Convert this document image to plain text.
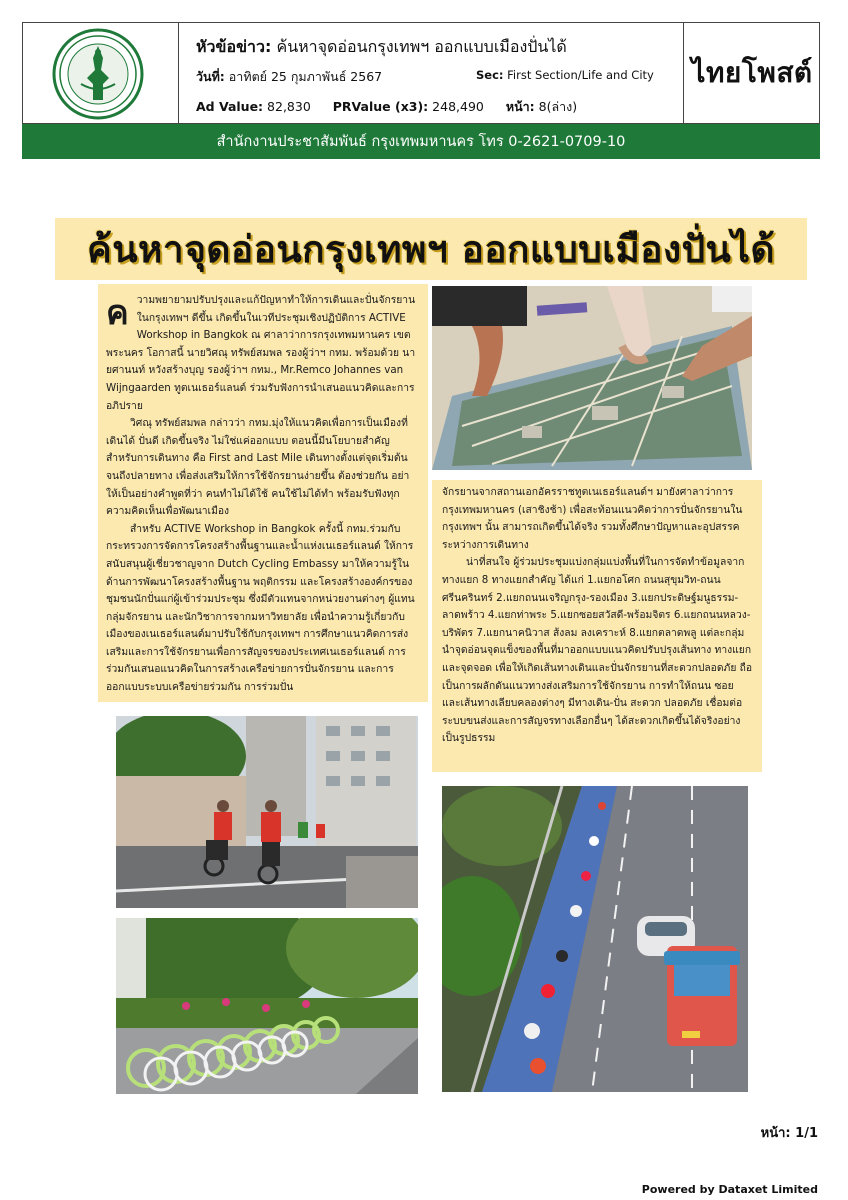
หัวข้อข่าว: ค้นหาจุดอ่อนกรุงเทพฯ ออกแบบเมืองปั่นได้
วันที่: อาทิตย์ 25 กุมภาพันธ์ 2567	Sec: First Section/Life and City
Ad Value: 82,830 PRValue (x3): 248,490 หน้า: 8(ล่าง)
ไทยโพสต์
สำนักงานประชาสัมพันธ์ กรุงเทพมหานคร โทร 0-2621-0709-10
ค้นหาจุดอ่อนกรุงเทพฯ ออกแบบเมืองปั่นได้
ค วามพยายามปรับปรุงและแก้ปัญหาทำให้การเดินและปั่นจักรยานในกรุงเทพฯ ดีขึ้น เกิดขึ้นในเวทีประชุมเชิงปฏิบัติการ ACTIVE Workshop in Bangkok ณ ศาลาว่าการกรุงเทพมหานคร เขตพระนคร โอกาสนี้ นายวิศณุ ทรัพย์สมพล รองผู้ว่าฯ กทม. พร้อมด้วย นายศานนท์ หวังสร้างบุญ รองผู้ว่าฯ กทม., Mr.Remco Johannes van Wijngaarden ทูตเนเธอร์แลนด์ ร่วมรับฟังการนำเสนอแนวคิดและการอภิปราย

วิศณุ ทรัพย์สมพล กล่าวว่า กทม.มุ่งให้แนวคิดเพื่อการเป็นเมืองที่เดินได้ ปั่นดี เกิดขึ้นจริง ไม่ใช่แค่ออกแบบ ตอนนี้มีนโยบายสำคัญสำหรับการเดินทาง คือ First and Last Mile เดินทางตั้งแต่จุดเริ่มต้นจนถึงปลายทาง เพื่อส่งเสริมให้การใช้จักรยานง่ายขึ้น ต้องช่วยกัน อย่าให้เป็นอย่างคำพูดที่ว่า คนทำไม่ได้ใช้ คนใช้ไม่ได้ทำ พร้อมรับฟังทุกความคิดเห็นเพื่อพัฒนาเมือง

สำหรับ ACTIVE Workshop in Bangkok ครั้งนี้ กทม.ร่วมกับกระทรวงการจัดการโครงสร้างพื้นฐานและน้ำแห่งเนเธอร์แลนด์ ให้การสนับสนุนผู้เชี่ยวชาญจาก Dutch Cycling Embassy มาให้ความรู้ในด้านการพัฒนาโครงสร้างพื้นฐาน พฤติกรรม และโครงสร้างองค์กรของชุมชนนักปั่นแก่ผู้เข้าร่วมประชุม ซึ่งมีตัวแทนจากหน่วยงานต่างๆ ผู้แทนกลุ่มจักรยาน และนักวิชาการจากมหาวิทยาลัย เพื่อนำความรู้เกี่ยวกับเมืองของเนเธอร์แลนด์มาปรับใช้กับกรุงเทพฯ การศึกษาแนวคิดการส่งเสริมและการใช้จักรยานเพื่อการสัญจรของประเทศเนเธอร์แลนด์ การร่วมกันเสนอแนวคิดในการสร้างเครือข่ายการปั่นจักรยาน และการออกแบบระบบเครือข่ายร่วมกัน การร่วมปั่น

จักรยานจากสถานเอกอัครราชทูตเนเธอร์แลนด์ฯ มายังศาลาว่าการกรุงเทพมหานคร (เสาชิงช้า) เพื่อสะท้อนแนวคิดว่าการปั่นจักรยานในกรุงเทพฯ นั้น สามารถเกิดขึ้นได้จริง รวมทั้งศึกษาปัญหาและอุปสรรคระหว่างการเดินทาง

น่าที่สนใจ ผู้ร่วมประชุมแบ่งกลุ่มแบ่งพื้นที่ในการจัดทำข้อมูลจากทางแยก 8 ทางแยกสำคัญ ได้แก่ 1.แยกอโศก ถนนสุขุมวิท-ถนนศรีนครินทร์ 2.แยกถนนเจริญกรุง-รองเมือง 3.แยกประดิษฐ์มนูธรรม-ลาดพร้าว 4.แยกท่าพระ 5.แยกซอยสวัสดี-พร้อมจิตร 6.แยกถนนหลวง-บริพัตร 7.แยกนาคนิวาส ส้งลม ลงเคราะห์ 8.แยกตลาดพลู แต่ละกลุ่มนำจุดอ่อนจุดแข็งของพื้นที่มาออกแบบแนวคิดปรับปรุงเส้นทาง ทางแยก และจุดจอด เพื่อให้เกิดเส้นทางเดินและปั่นจักรยานที่สะดวกปลอดภัย ถือเป็นการผลักดันแนวทางส่งเสริมการใช้จักรยาน การทำให้ถนน ซอย และเส้นทางเลียบคลองต่างๆ มีทางเดิน-ปั่น สะดวก ปลอดภัย เชื่อมต่อระบบขนส่งและการสัญจรทางเลือกอื่นๆ ได้สะดวกเกิดขึ้นได้จริงอย่างเป็นรูปธรรม

หน้า: 1/1
Powered by Dataxet Limited
